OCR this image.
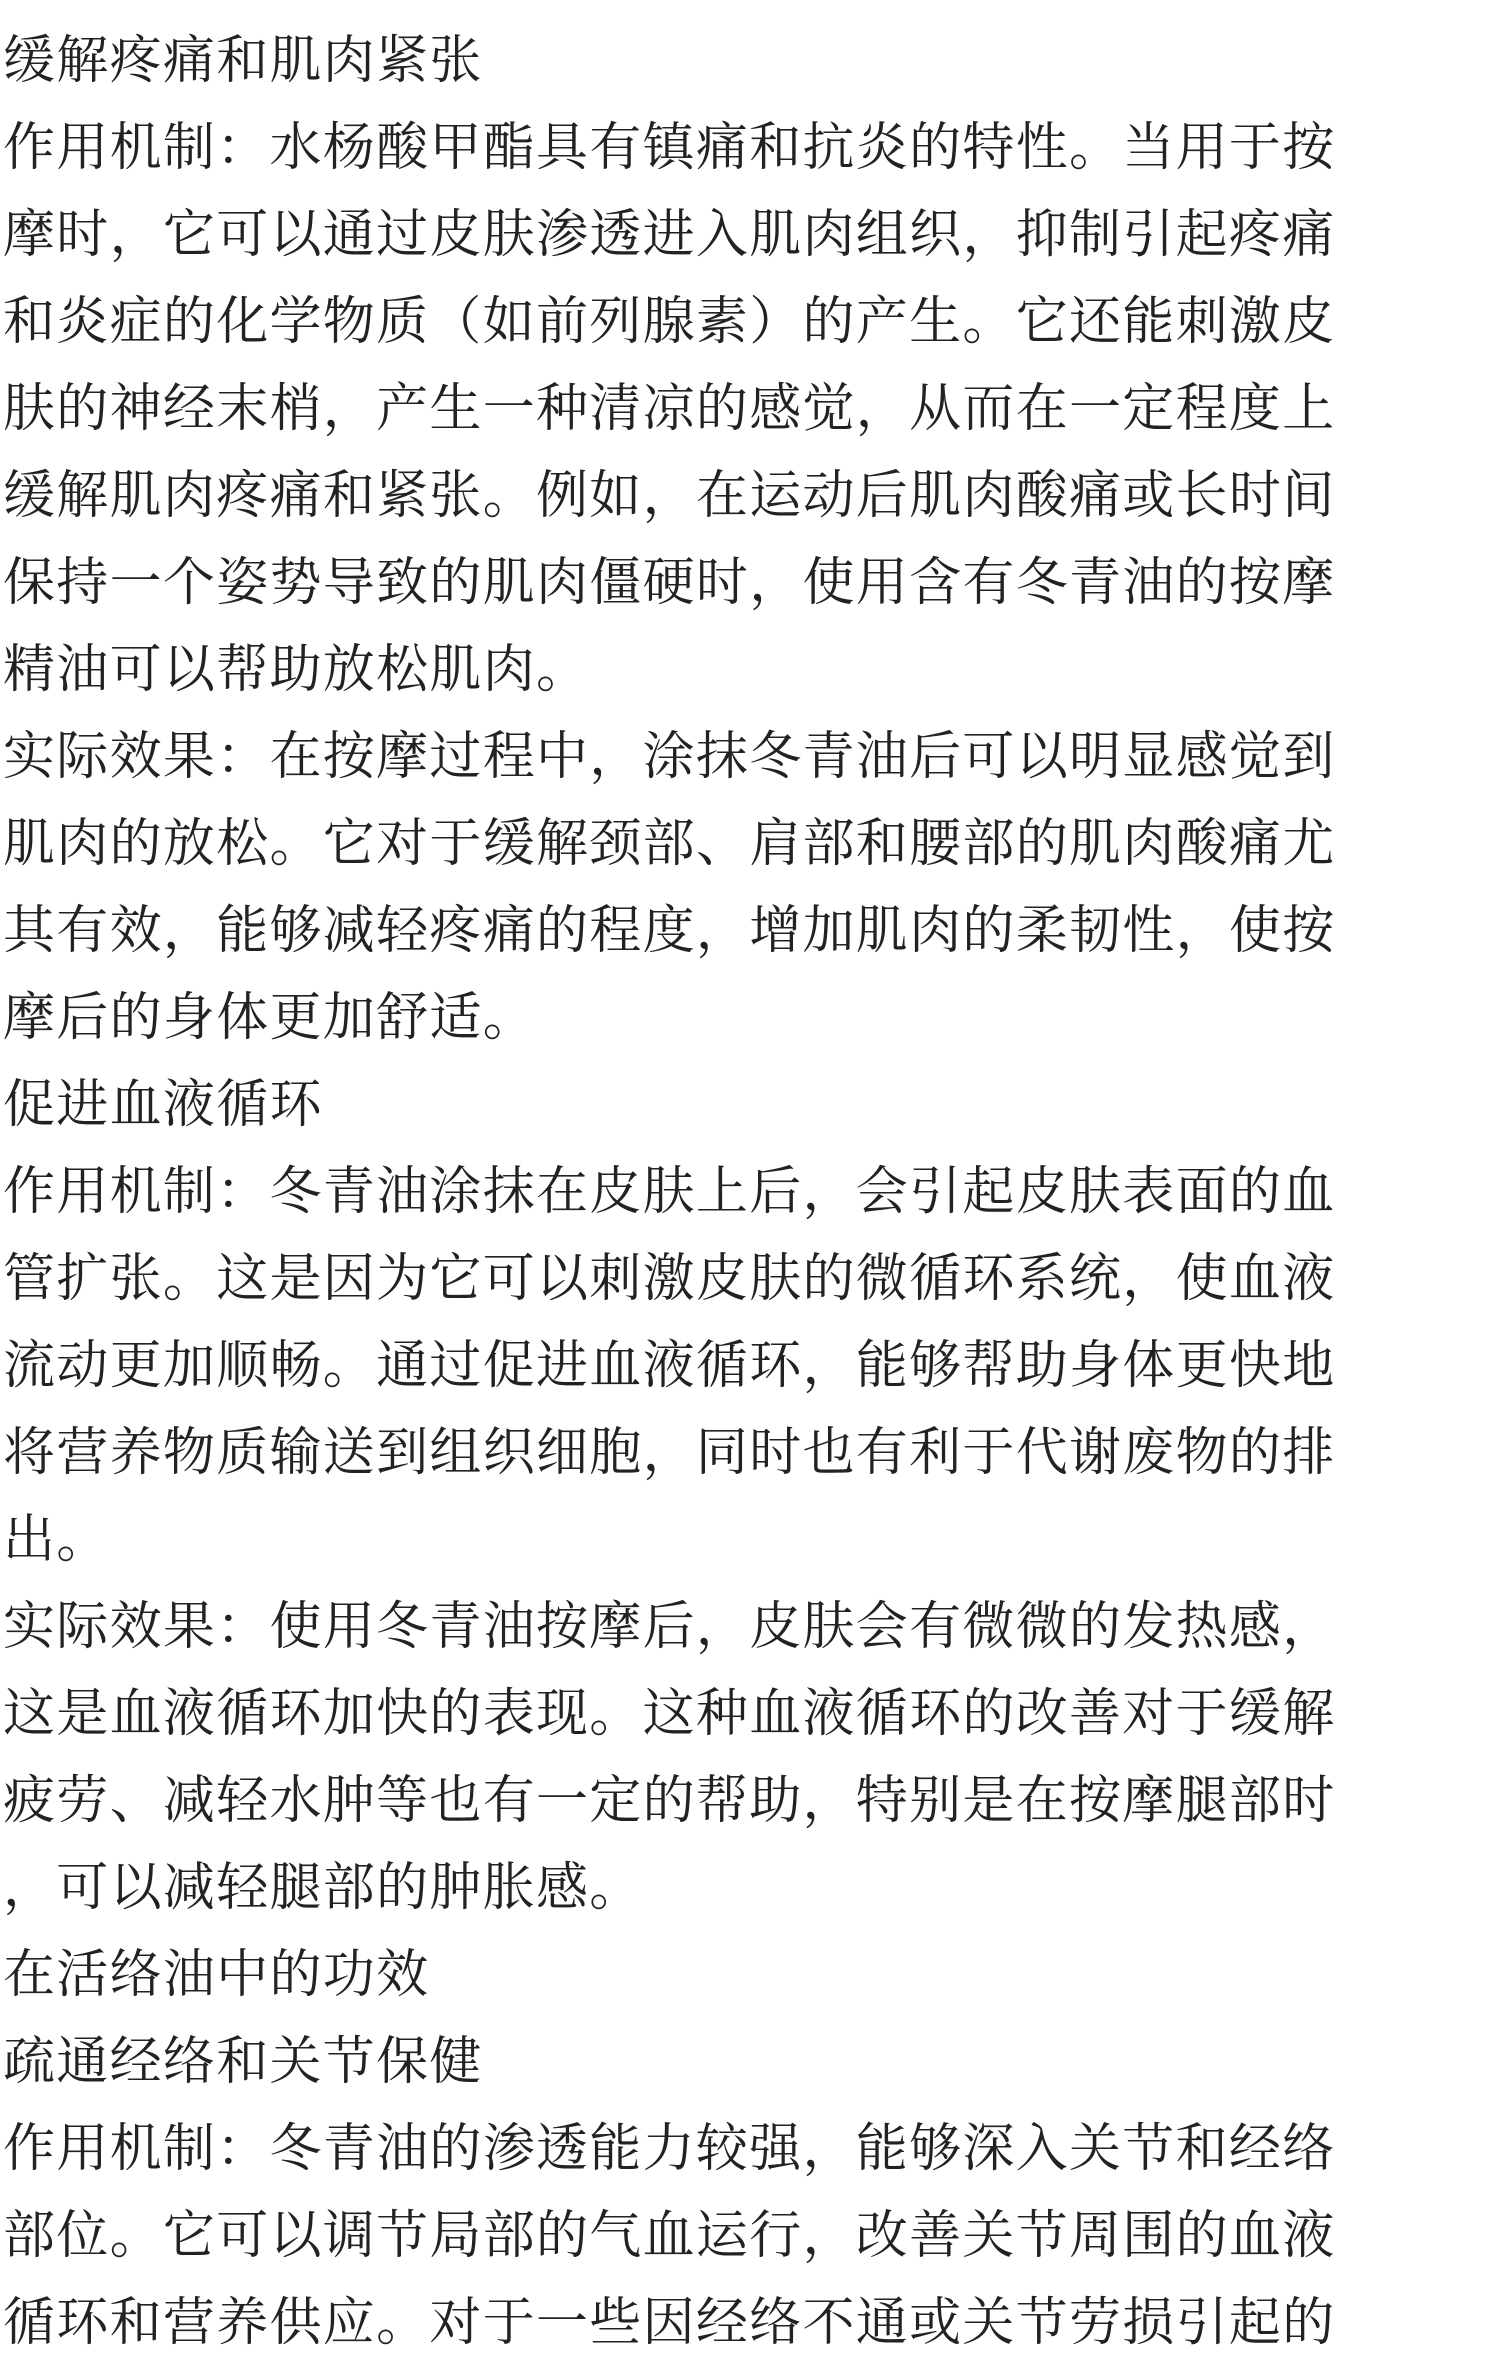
缓解疼痛和肌肉紧张
作用机制：水杨酸甲酯具有镇痛和抗炎的特性。当用于按
摩时，它可以通过皮肤渗透进入肌肉组织，抑制引起疼痛
和炎症的化学物质（如前列腺素）的产生。它还能刺激皮
肤的神经末梢，产生一种清凉的感觉，从而在一定程度上
缓解肌肉疼痛和紧张。例如，在运动后肌肉酸痛或长时间
保持一个姿势导致的肌肉僵硬时，使用含有冬青油的按摩
精油可以帮助放松肌肉。
实际效果：在按摩过程中，涂抹冬青油后可以明显感觉到
肌肉的放松。它对于缓解颈部、肩部和腰部的肌肉酸痛尤
其有效，能够减轻疼痛的程度，增加肌肉的柔韧性，使按
摩后的身体更加舒适。
促进血液循环
作用机制：冬青油涂抹在皮肤上后，会引起皮肤表面的血
管扩张。这是因为它可以刺激皮肤的微循环系统，使血液
流动更加顺畅。通过促进血液循环，能够帮助身体更快地
将营养物质输送到组织细胞，同时也有利于代谢废物的排
出。
实际效果：使用冬青油按摩后，皮肤会有微微的发热感，
这是血液循环加快的表现。这种血液循环的改善对于缓解
疲劳、减轻水肿等也有一定的帮助，特别是在按摩腿部时
，可以减轻腿部的肿胀感。
在活络油中的功效
疏通经络和关节保健
作用机制：冬青油的渗透能力较强，能够深入关节和经络
部位。它可以调节局部的气血运行，改善关节周围的血液
循环和营养供应。对于一些因经络不通或关节劳损引起的
